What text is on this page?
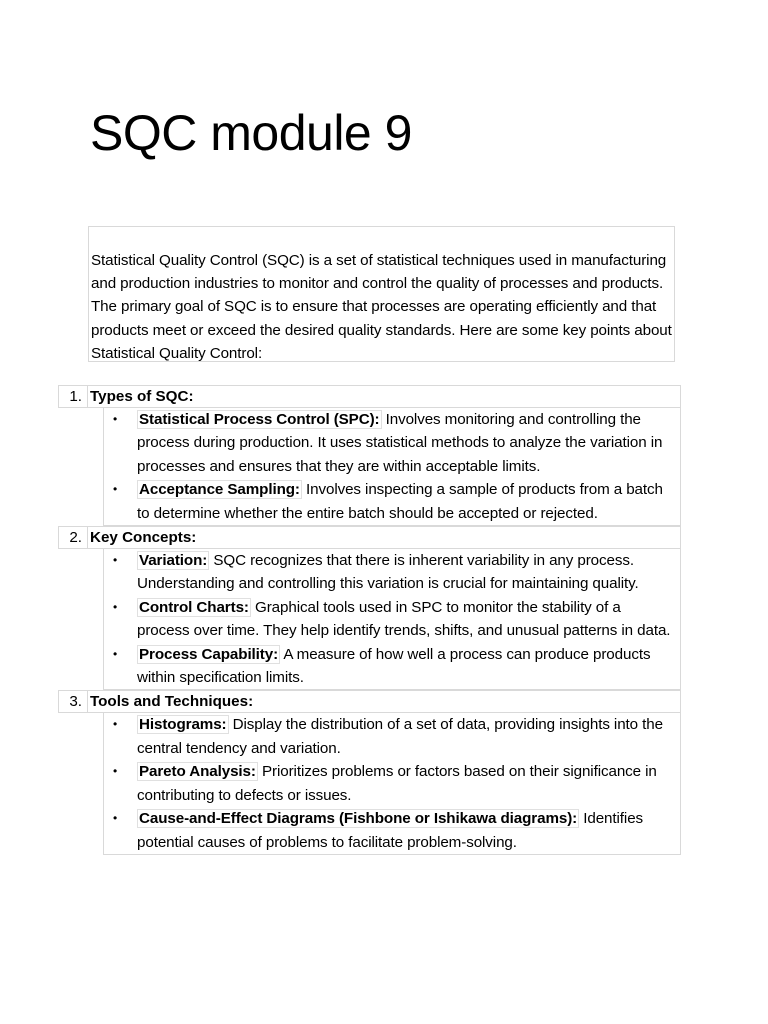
SQC module 9
Statistical Quality Control (SQC) is a set of statistical techniques used in manufacturing and production industries to monitor and control the quality of processes and products. The primary goal of SQC is to ensure that processes are operating efficiently and that products meet or exceed the desired quality standards. Here are some key points about Statistical Quality Control:
1. Types of SQC:
• Statistical Process Control (SPC): Involves monitoring and controlling the process during production. It uses statistical methods to analyze the variation in processes and ensures that they are within acceptable limits.
• Acceptance Sampling: Involves inspecting a sample of products from a batch to determine whether the entire batch should be accepted or rejected.
2. Key Concepts:
• Variation: SQC recognizes that there is inherent variability in any process. Understanding and controlling this variation is crucial for maintaining quality.
• Control Charts: Graphical tools used in SPC to monitor the stability of a process over time. They help identify trends, shifts, and unusual patterns in data.
• Process Capability: A measure of how well a process can produce products within specification limits.
3. Tools and Techniques:
• Histograms: Display the distribution of a set of data, providing insights into the central tendency and variation.
• Pareto Analysis: Prioritizes problems or factors based on their significance in contributing to defects or issues.
• Cause-and-Effect Diagrams (Fishbone or Ishikawa diagrams): Identifies potential causes of problems to facilitate problem-solving.
